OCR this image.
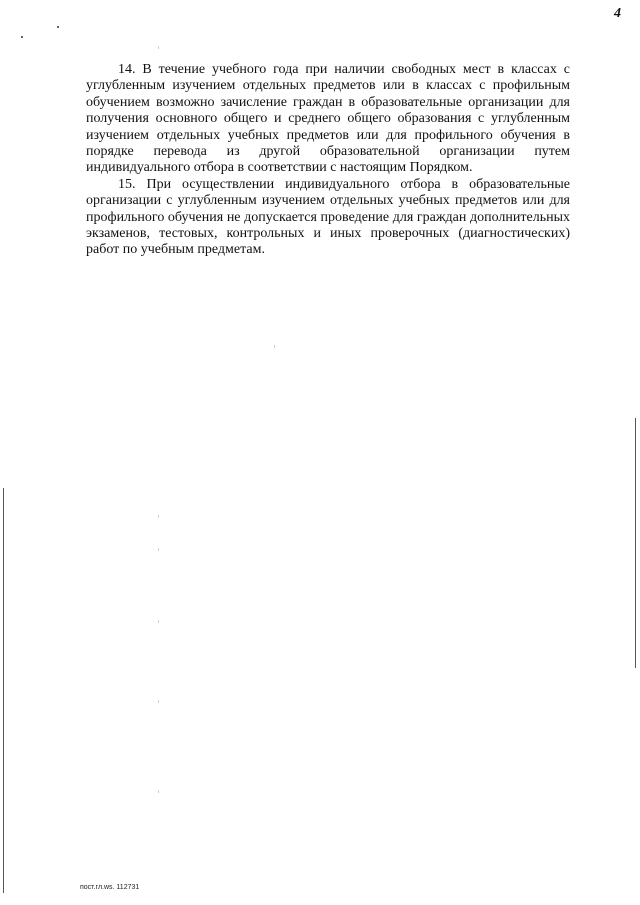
4

14. В течение учебного года при наличии свободных мест в классах с углубленным изучением отдельных предметов или в классах с профильным обучением возможно зачисление граждан в образовательные организации для получения основного общего и среднего общего образования с углубленным изучением отдельных учебных предметов или для профильного обучения в порядке перевода из другой образовательной организации путем индивидуального отбора в соответствии с настоящим Порядком.

15. При осуществлении индивидуального отбора в образовательные организации с углубленным изучением отдельных учебных предметов или для профильного обучения не допускается проведение для граждан дополнительных экзаменов, тестовых, контрольных и иных проверочных (диагностических) работ по учебным предметам.

пост.гл.ws. 112731
